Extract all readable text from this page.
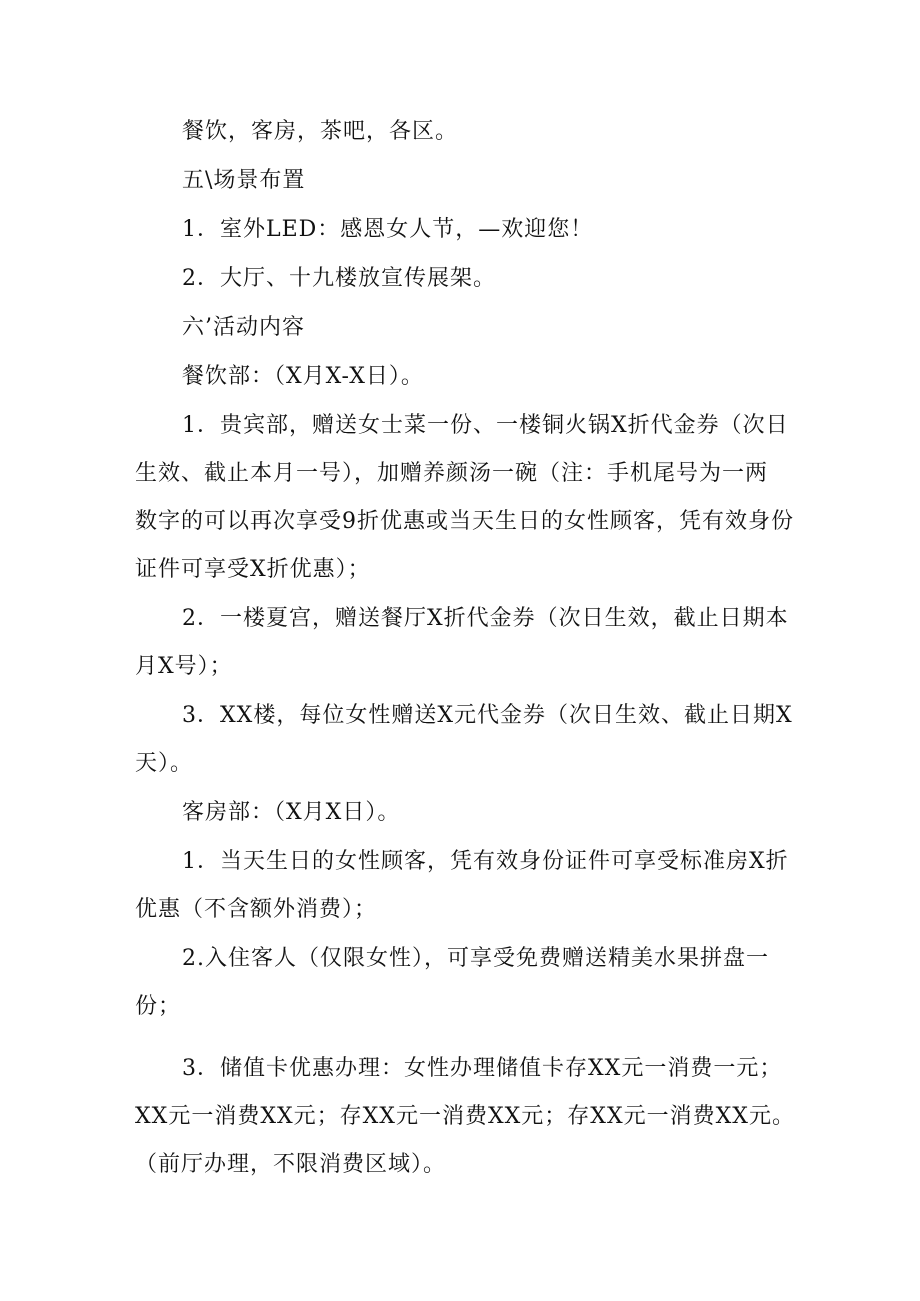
餐饮，客房，茶吧，各区。
五\场景布置
1．室外LED：感恩女人节，—欢迎您！
2．大厅、十九楼放宣传展架。
六’活动内容
餐饮部：（X月X-X日）。
1．贵宾部，赠送女士菜一份、一楼铜火锅X折代金券（次日
生效、截止本月一号），加赠养颜汤一碗（注：手机尾号为一两
数字的可以再次享受9折优惠或当天生日的女性顾客，凭有效身份
证件可享受X折优惠）；
2．一楼夏宫，赠送餐厅X折代金券（次日生效，截止日期本
月X号）；
3．XX楼，每位女性赠送X元代金券（次日生效、截止日期X
天）。
客房部：（X月X日）。
1．当天生日的女性顾客，凭有效身份证件可享受标准房X折
优惠（不含额外消费）；
2.入住客人（仅限女性），可享受免费赠送精美水果拼盘一
份；
3．储值卡优惠办理：女性办理储值卡存XX元一消费一元；
XX元一消费XX元；存XX元一消费XX元；存XX元一消费XX元。
（前厅办理，不限消费区域）。
